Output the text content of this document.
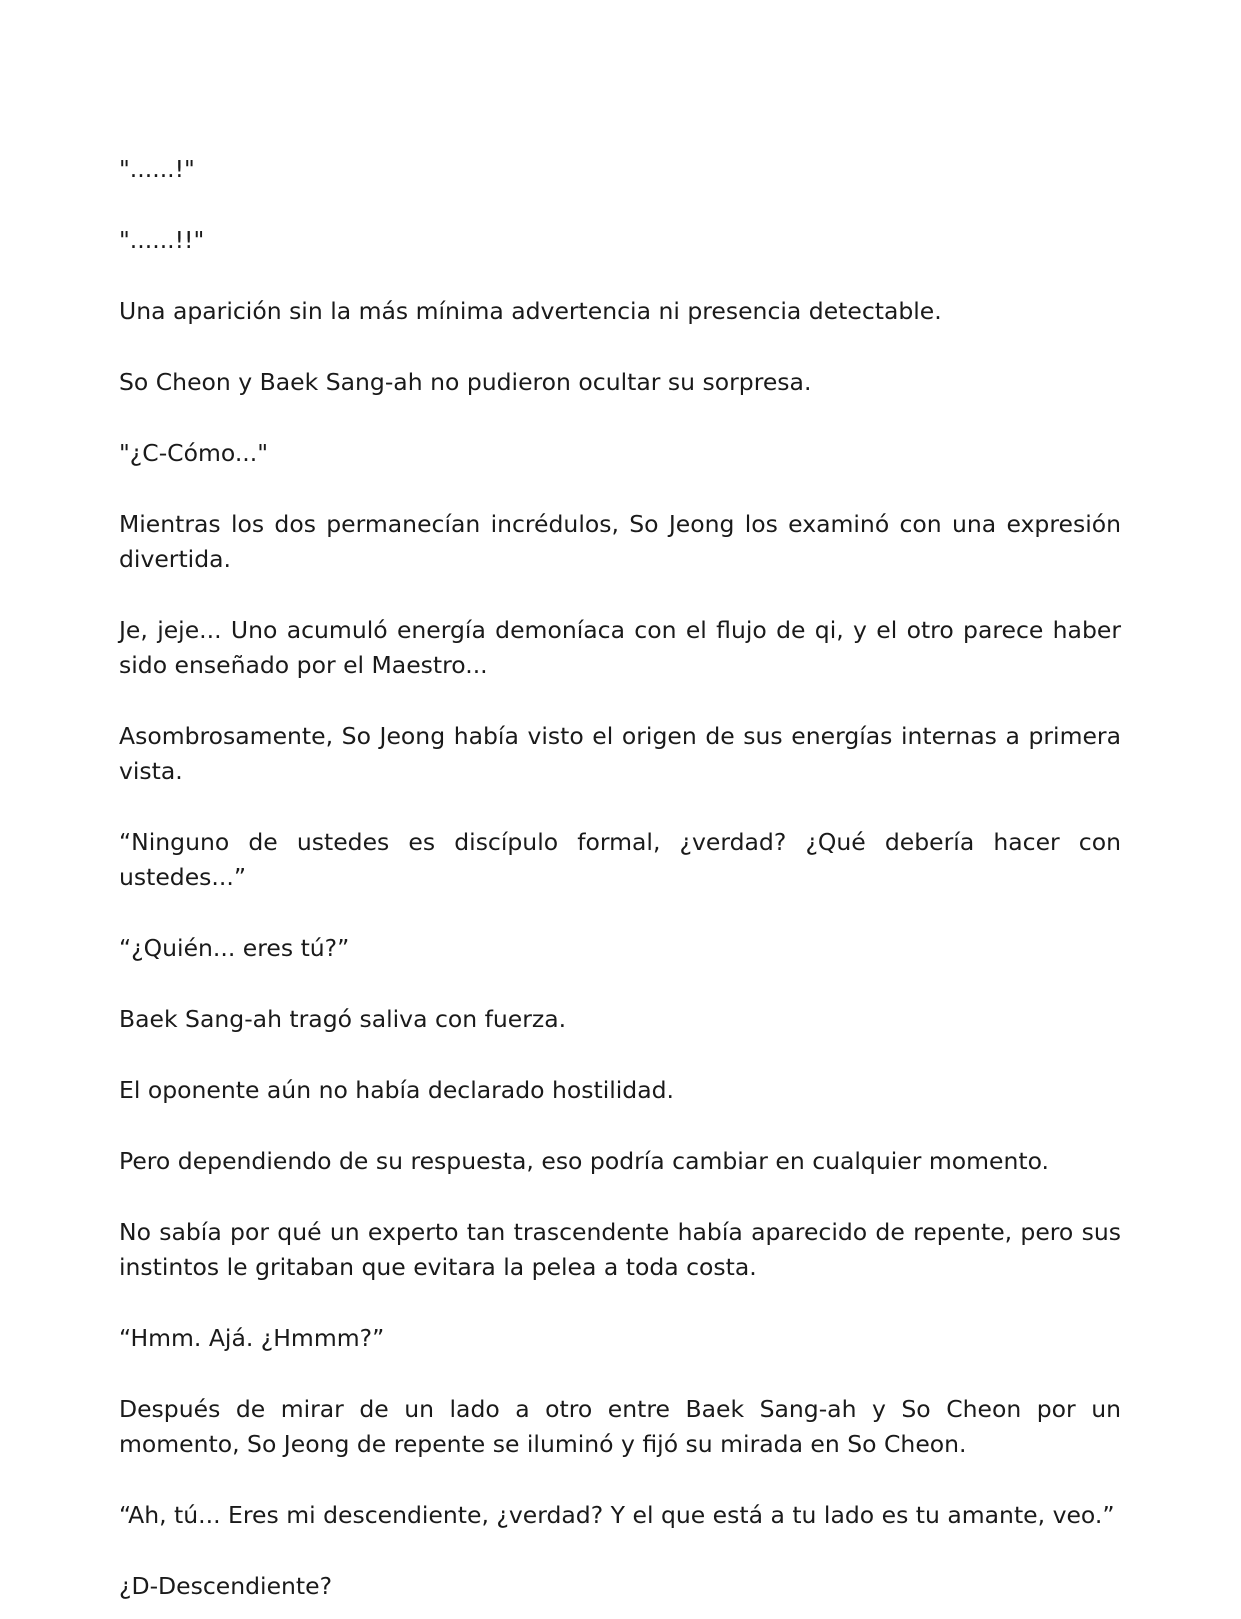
"......!"

"......!!"

Una aparición sin la más mínima advertencia ni presencia detectable.

So Cheon y Baek Sang-ah no pudieron ocultar su sorpresa.

"¿C-Cómo..."

Mientras los dos permanecían incrédulos, So Jeong los examinó con una expresión divertida.

Je, jeje... Uno acumuló energía demoníaca con el flujo de qi, y el otro parece haber sido enseñado por el Maestro...

Asombrosamente, So Jeong había visto el origen de sus energías internas a primera vista.

“Ninguno de ustedes es discípulo formal, ¿verdad? ¿Qué debería hacer con ustedes...”

“¿Quién... eres tú?”

Baek Sang-ah tragó saliva con fuerza.

El oponente aún no había declarado hostilidad.

Pero dependiendo de su respuesta, eso podría cambiar en cualquier momento.

No sabía por qué un experto tan trascendente había aparecido de repente, pero sus instintos le gritaban que evitara la pelea a toda costa.

“Hmm. Ajá. ¿Hmmm?”

Después de mirar de un lado a otro entre Baek Sang-ah y So Cheon por un momento, So Jeong de repente se iluminó y fijó su mirada en So Cheon.

“Ah, tú... Eres mi descendiente, ¿verdad? Y el que está a tu lado es tu amante, veo.”

¿D-Descendiente?
